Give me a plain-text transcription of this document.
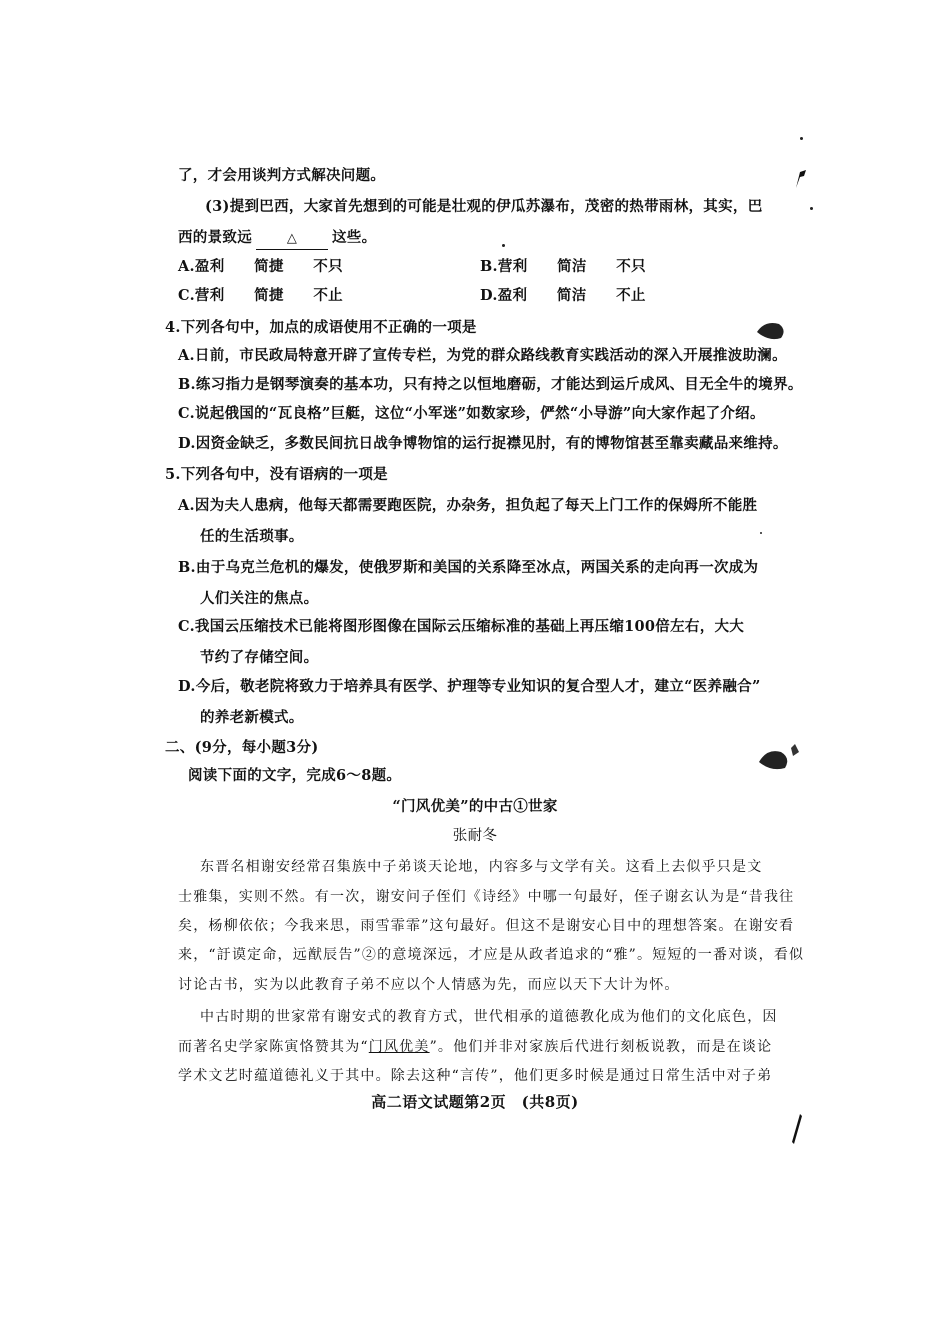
了，才会用谈判方式解决问题。
(3)提到巴西，大家首先想到的可能是壮观的伊瓜苏瀑布，茂密的热带雨林，其实，巴
西的景致远	△ 这些。
A.盈利　　简捷　　不只	B.营利　　简洁　　不只
C.营利　　简捷　　不止	D.盈利　　简洁　　不止
4.下列各句中，加点的成语使用不正确的一项是
A.日前，市民政局特意开辟了宣传专栏，为党的群众路线教育实践活动的深入开展推波助澜。
B.练习指力是钢琴演奏的基本功，只有持之以恒地磨砺，才能达到运斤成风、目无全牛的境界。
C.说起俄国的“瓦良格”巨艇，这位“小军迷”如数家珍，俨然“小导游”向大家作起了介绍。
D.因资金缺乏，多数民间抗日战争博物馆的运行捉襟见肘，有的博物馆甚至靠卖藏品来维持。
5.下列各句中，没有语病的一项是
A.因为夫人患病，他每天都需要跑医院，办杂务，担负起了每天上门工作的保姆所不能胜
任的生活琐事。
B.由于乌克兰危机的爆发，使俄罗斯和美国的关系降至冰点，两国关系的走向再一次成为
人们关注的焦点。
C.我国云压缩技术已能将图形图像在国际云压缩标准的基础上再压缩100倍左右，大大
节约了存储空间。
D.今后，敬老院将致力于培养具有医学、护理等专业知识的复合型人才，建立“医养融合”
的养老新模式。
二、(9分，每小题3分)
阅读下面的文字，完成6～8题。
“门风优美”的中古①世家
张耐冬
东晋名相谢安经常召集族中子弟谈天论地，内容多与文学有关。这看上去似乎只是文
士雅集，实则不然。有一次，谢安问子侄们《诗经》中哪一句最好，侄子谢玄认为是“昔我往
矣，杨柳依依；今我来思，雨雪霏霏”这句最好。但这不是谢安心目中的理想答案。在谢安看
来，“訏谟定命，远猷辰告”②的意境深远，才应是从政者追求的“雅”。短短的一番对谈，看似
讨论古书，实为以此教育子弟不应以个人情感为先，而应以天下大计为怀。
中古时期的世家常有谢安式的教育方式，世代相承的道德教化成为他们的文化底色，因
而著名史学家陈寅恪赞其为“门风优美”。他们并非对家族后代进行刻板说教，而是在谈论
学术文艺时蕴道德礼义于其中。除去这种“言传”，他们更多时候是通过日常生活中对子弟
高二语文试题第2页　(共8页)
